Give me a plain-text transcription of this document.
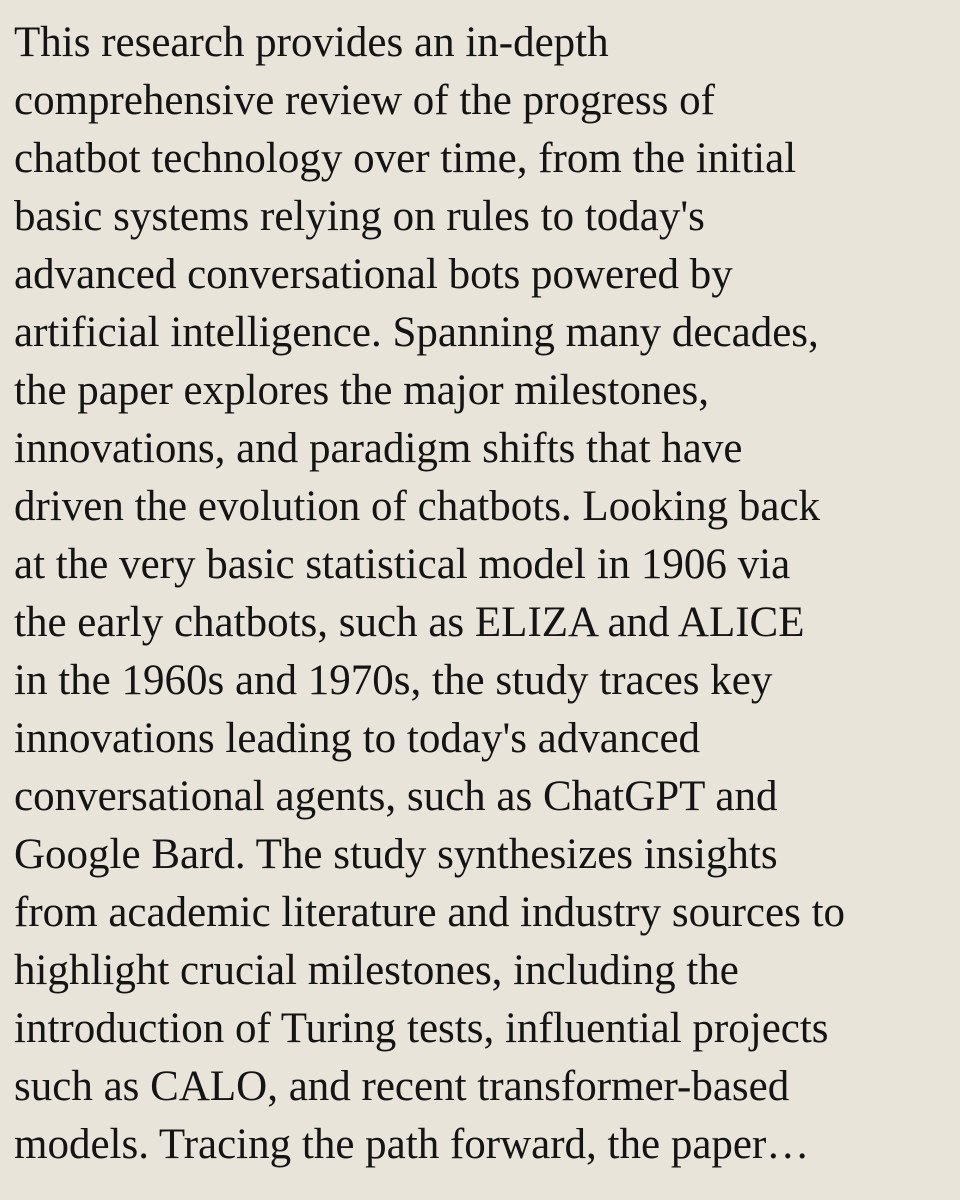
This research provides an in-depth
comprehensive review of the progress of
chatbot technology over time, from the initial
basic systems relying on rules to today's
advanced conversational bots powered by
artificial intelligence. Spanning many decades,
the paper explores the major milestones,
innovations, and paradigm shifts that have
driven the evolution of chatbots. Looking back
at the very basic statistical model in 1906 via
the early chatbots, such as ELIZA and ALICE
in the 1960s and 1970s, the study traces key
innovations leading to today's advanced
conversational agents, such as ChatGPT and
Google Bard. The study synthesizes insights
from academic literature and industry sources to
highlight crucial milestones, including the
introduction of Turing tests, influential projects
such as CALO, and recent transformer-based
models. Tracing the path forward, the paper…
